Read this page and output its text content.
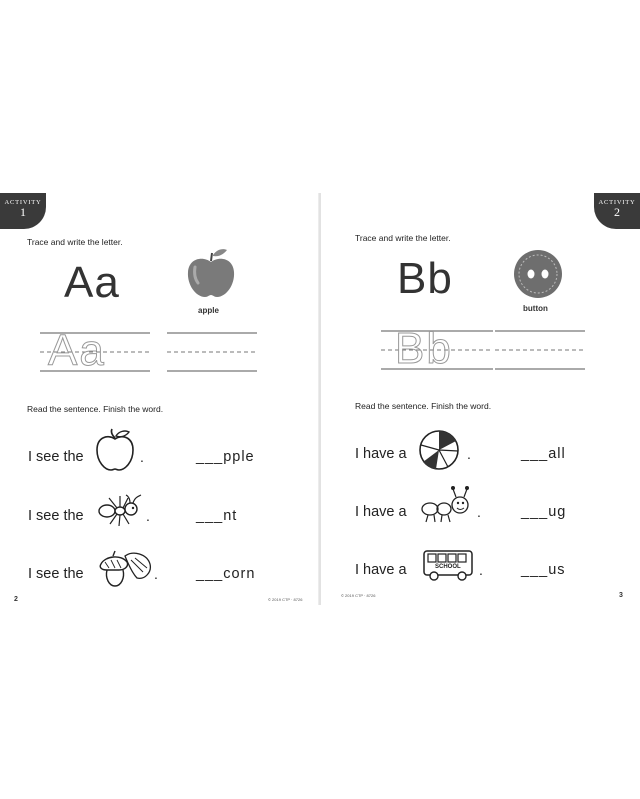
ACTIVITY
1
Trace and write the letter.
Aa
apple
Aa
Read the sentence. Finish the word.
I see the	.	___pple
I see the	.	___nt
I see the	.	___corn
2	© 2019 CTP · 8726
ACTIVITY
2
Trace and write the letter.
Bb
button
Bb
Read the sentence. Finish the word.
I have a	.	___all
I have a	.	___ug
I have a	SCHOOL .	___us
3
© 2019 CTP · 8726
